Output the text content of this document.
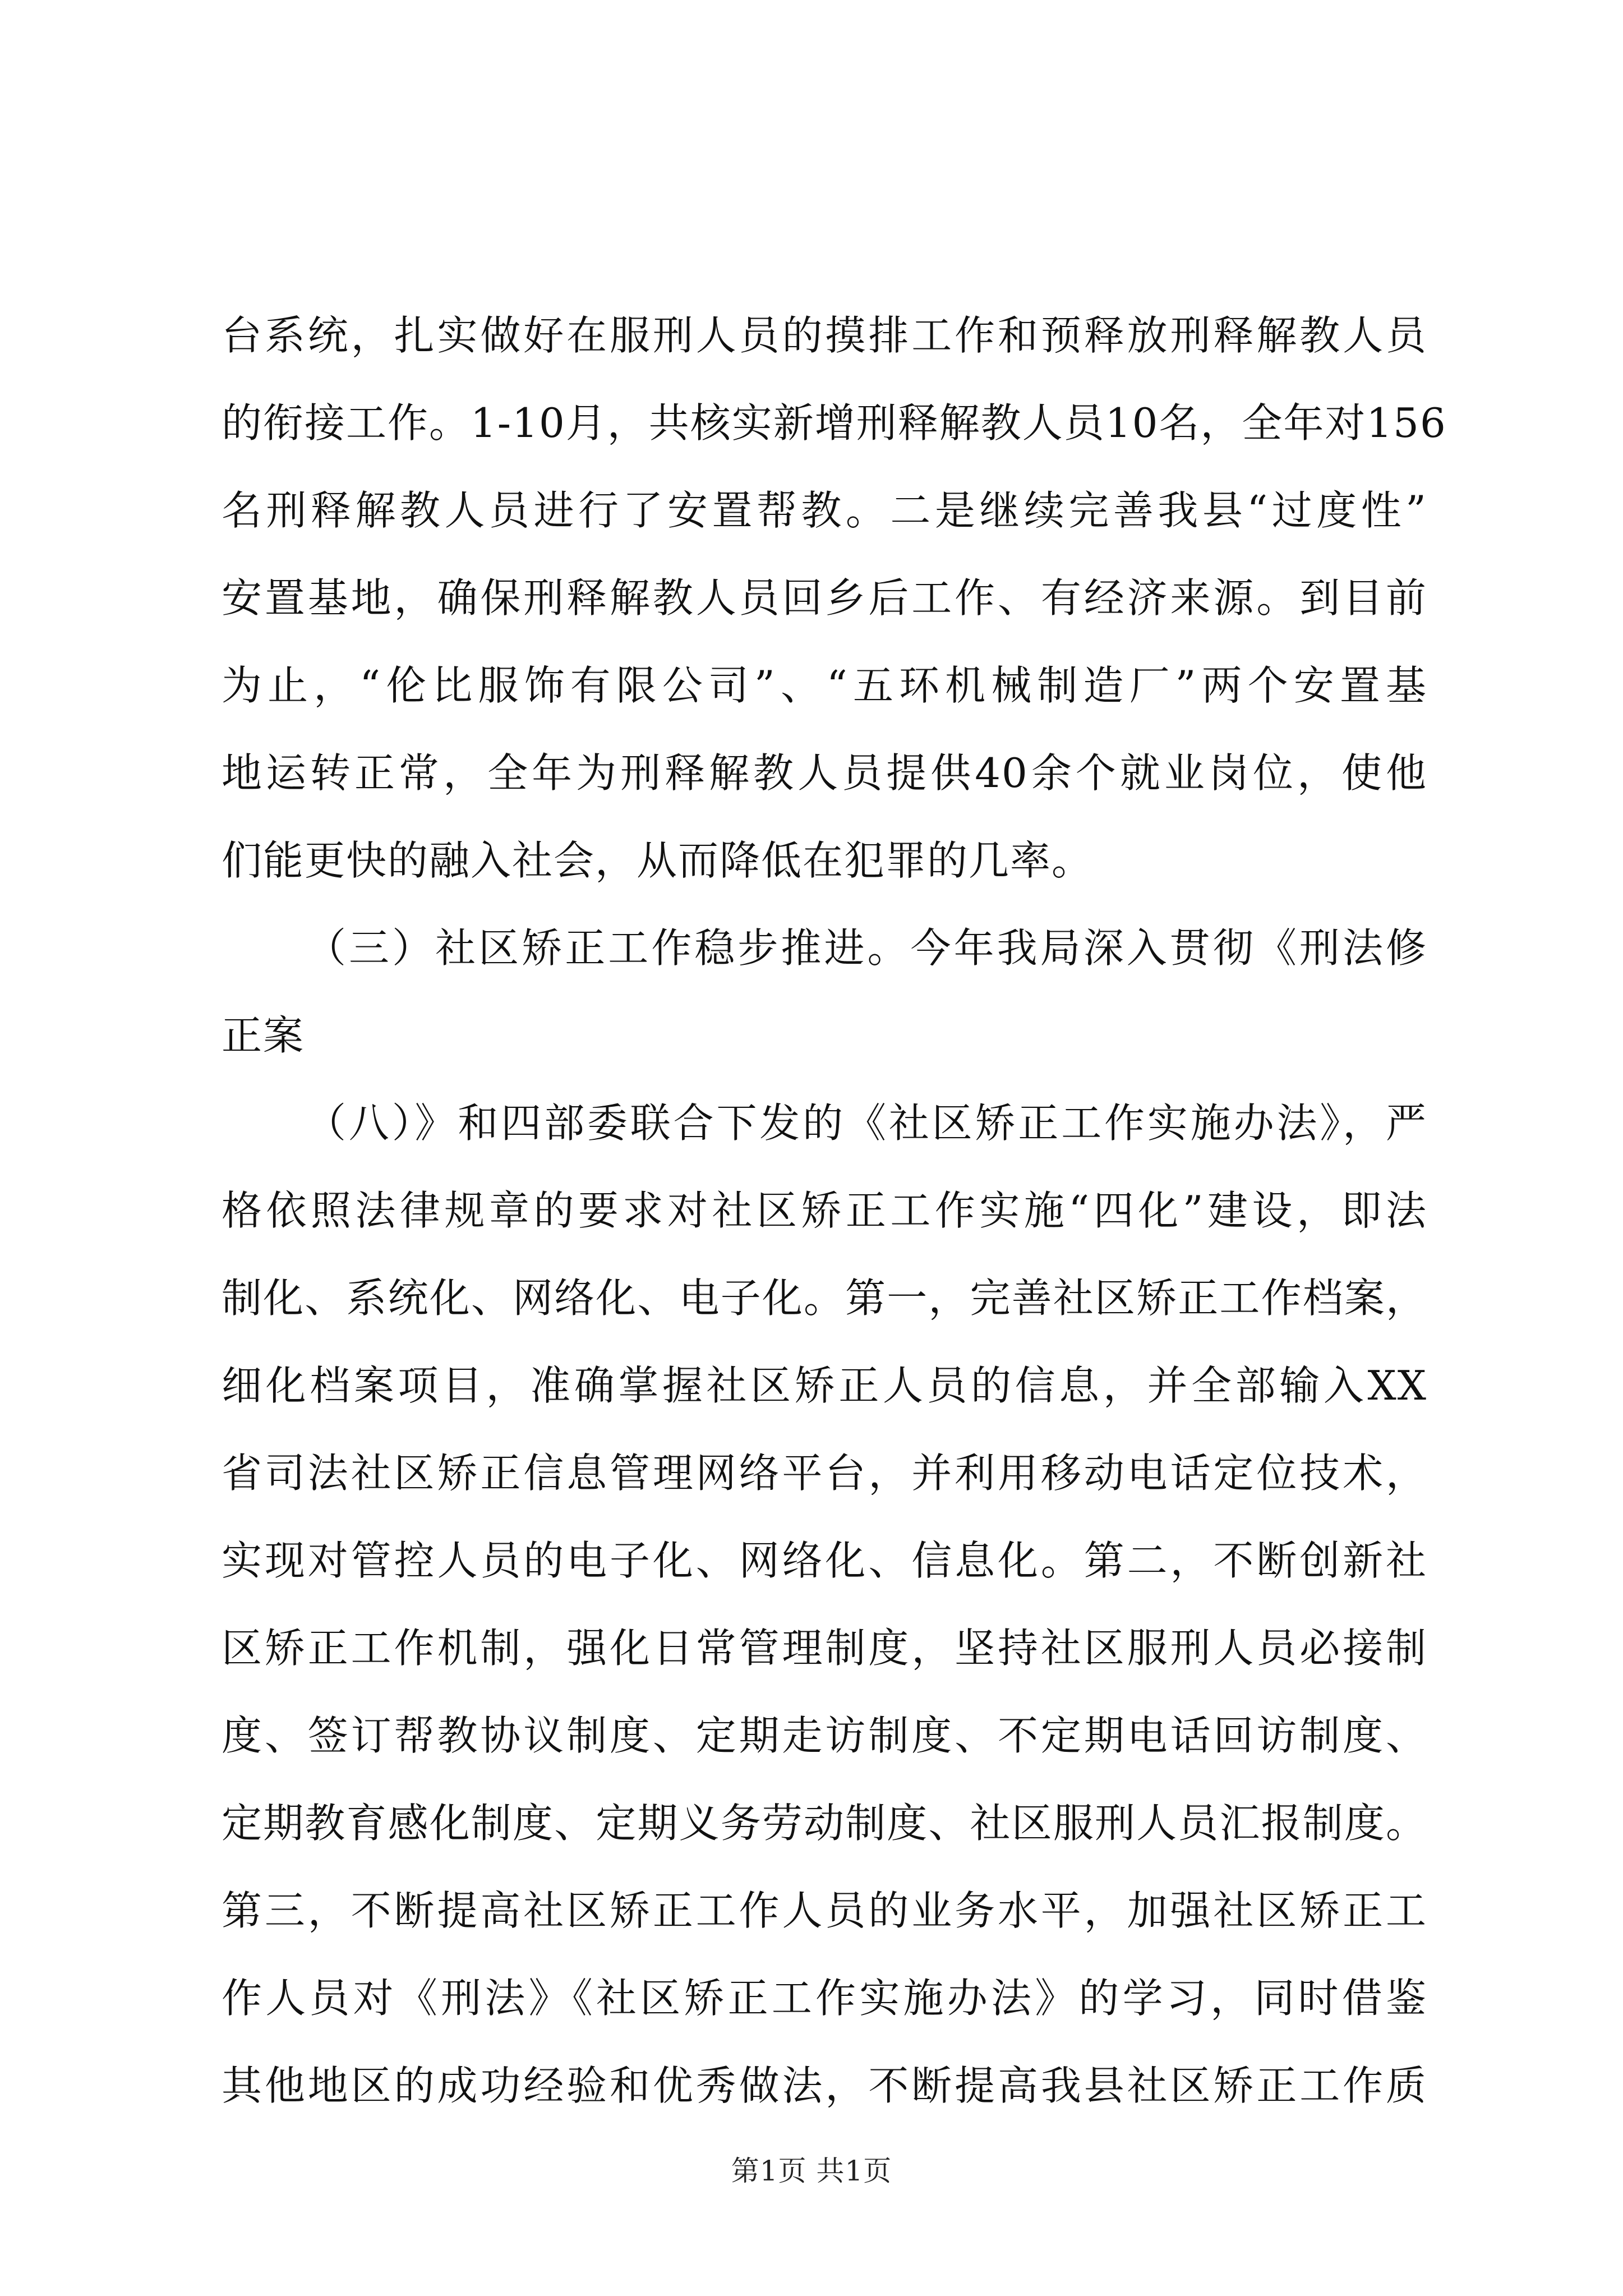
台系统，扎实做好在服刑人员的摸排工作和预释放刑释解教人员
的衔接工作。1-10月，共核实新增刑释解教人员10名，全年对156
名刑释解教人员进行了安置帮教。二是继续完善我县“过度性”
安置基地，确保刑释解教人员回乡后工作、有经济来源。到目前
为止，“伦比服饰有限公司”、“五环机械制造厂”两个安置基
地运转正常，全年为刑释解教人员提供40余个就业岗位，使他
们能更快的融入社会，从而降低在犯罪的几率。
（三）社区矫正工作稳步推进。今年我局深入贯彻《刑法修
正案
（八）》和四部委联合下发的《社区矫正工作实施办法》，严
格依照法律规章的要求对社区矫正工作实施“四化”建设，即法
制化、系统化、网络化、电子化。第一，完善社区矫正工作档案，
细化档案项目，准确掌握社区矫正人员的信息，并全部输入XX
省司法社区矫正信息管理网络平台，并利用移动电话定位技术，
实现对管控人员的电子化、网络化、信息化。第二，不断创新社
区矫正工作机制，强化日常管理制度，坚持社区服刑人员必接制
度、签订帮教协议制度、定期走访制度、不定期电话回访制度、
定期教育感化制度、定期义务劳动制度、社区服刑人员汇报制度。
第三，不断提高社区矫正工作人员的业务水平，加强社区矫正工
作人员对《刑法》《社区矫正工作实施办法》的学习，同时借鉴
其他地区的成功经验和优秀做法，不断提高我县社区矫正工作质
第1页 共1页
